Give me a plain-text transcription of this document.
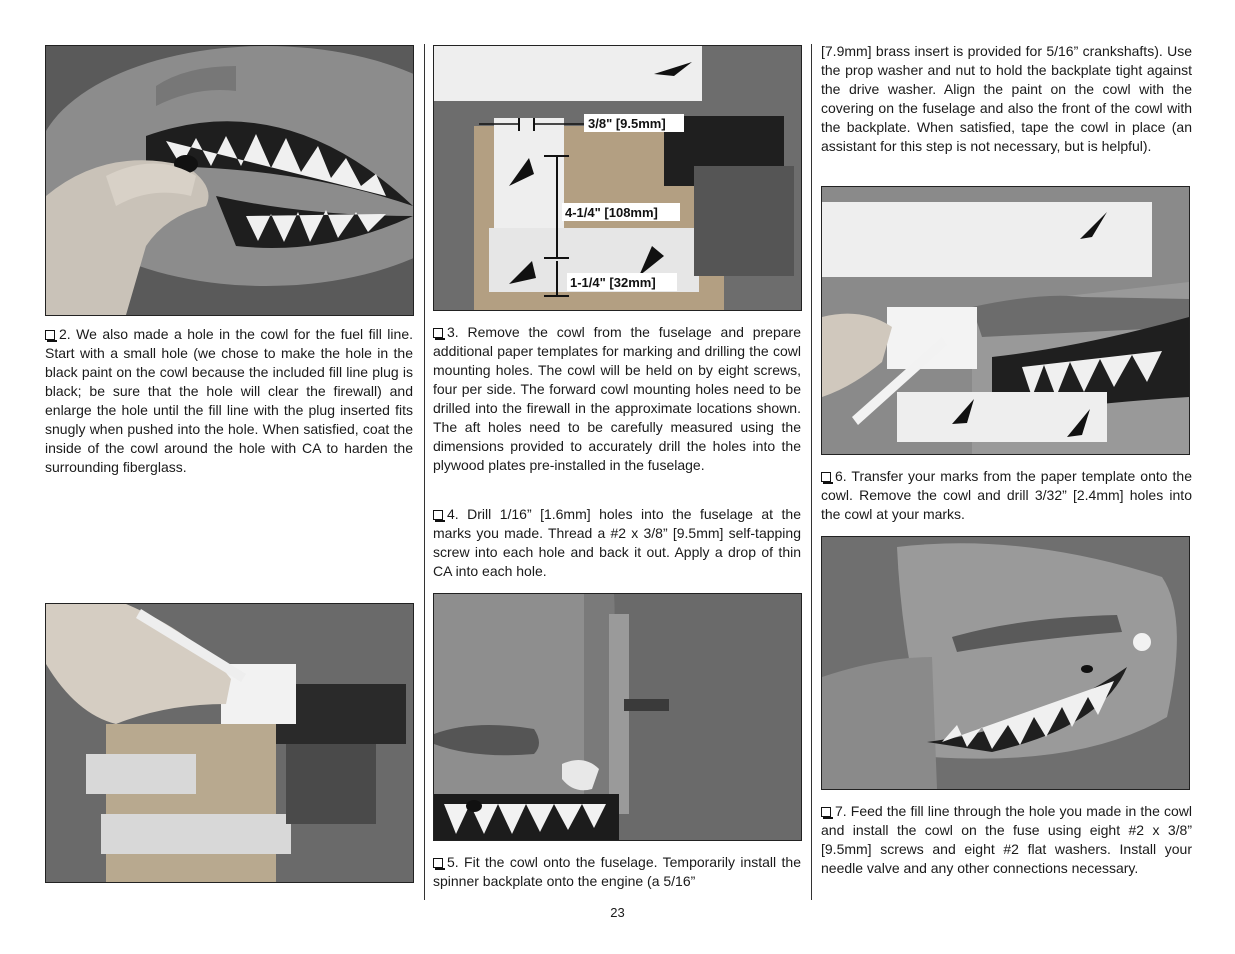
2. We also made a hole in the cowl for the fuel fill line. Start with a small hole (we chose to make the hole in the black paint on the cowl because the included fill line plug is black; be sure that the hole will clear the firewall) and enlarge the hole until the fill line with the plug inserted fits snugly when pushed into the hole. When satisfied, coat the inside of the cowl around the hole with CA to harden the surrounding fiberglass.

3/8" [9.5mm]
4-1/4" [108mm]
1-1/4" [32mm]

3. Remove the cowl from the fuselage and prepare additional paper templates for marking and drilling the cowl mounting holes. The cowl will be held on by eight screws, four per side. The forward cowl mounting holes need to be drilled into the firewall in the approximate locations shown. The aft holes need to be carefully measured using the dimensions provided to accurately drill the holes into the plywood plates pre-installed in the fuselage.

4. Drill 1/16” [1.6mm] holes into the fuselage at the marks you made. Thread a #2 x 3/8” [9.5mm] self-tapping screw into each hole and back it out. Apply a drop of thin CA into each hole.

5. Fit the cowl onto the fuselage. Temporarily install the spinner backplate onto the engine (a 5/16”

[7.9mm] brass insert is provided for 5/16” crankshafts). Use the prop washer and nut to hold the backplate tight against the drive washer. Align the paint on the cowl with the covering on the fuselage and also the front of the cowl with the backplate. When satisfied, tape the cowl in place (an assistant for this step is not necessary, but is helpful).

6. Transfer your marks from the paper template onto the cowl. Remove the cowl and drill 3/32” [2.4mm] holes into the cowl at your marks.

7. Feed the fill line through the hole you made in the cowl and install the cowl on the fuse using eight #2 x 3/8” [9.5mm] screws and eight #2 flat washers. Install your needle valve and any other connections necessary.

23
